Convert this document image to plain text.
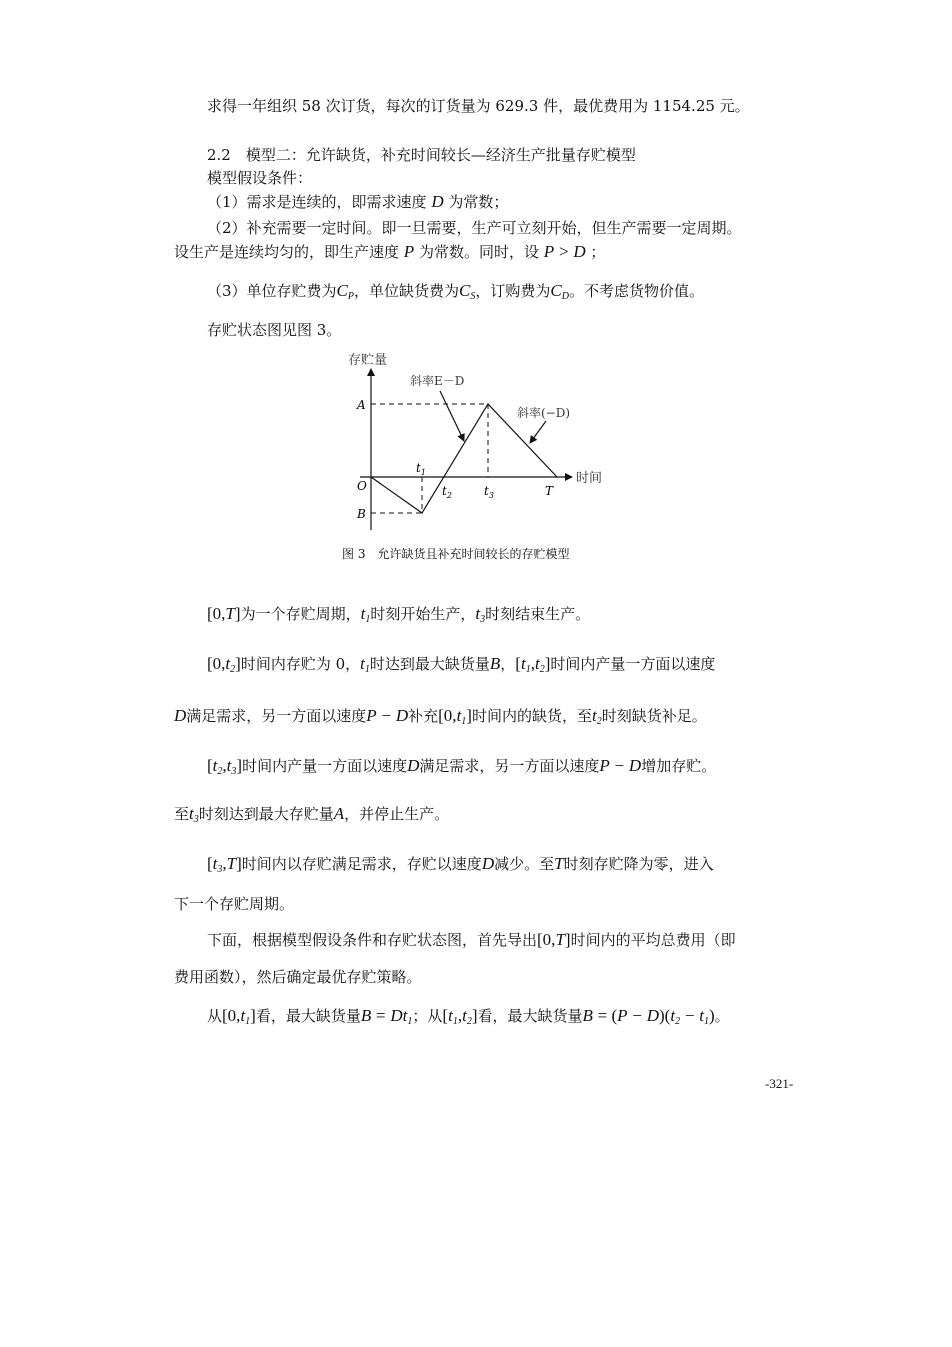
求得一年组织 58 次订货，每次的订货量为 629.3 件，最优费用为 1154.25 元。
2.2　模型二：允许缺货，补充时间较长—经济生产批量存贮模型
模型假设条件：
（1）需求是连续的，即需求速度 D 为常数；
（2）补充需要一定时间。即一旦需要，生产可立刻开始，但生产需要一定周期。
设生产是连续均匀的，即生产速度 P 为常数。同时，设 P > D ；
（3）单位存贮费为$C_P$，单位缺货费为$C_S$，订购费为$C_D$。不考虑货物价值。
存贮状态图见图 3。
存贮量
时间
斜率E－D
斜率(−D)
A
B
O
$t_1$
$t_2$	$t_3$	T
图 3　允许缺货且补充时间较长的存贮模型
[0,T]为一个存贮周期，$t_1$时刻开始生产，$t_3$时刻结束生产。
$[0,t_2]$时间内存贮为 0，$t_1$时达到最大缺货量B，$[t_1,t_2]$时间内产量一方面以速度
D满足需求，另一方面以速度P − D补充$[0,t_1]$时间内的缺货，至$t_2$时刻缺货补足。
$[t_2,t_3]$时间内产量一方面以速度D满足需求，另一方面以速度P − D增加存贮。
至$t_3$时刻达到最大存贮量A，并停止生产。
$[t_3,T]$时间内以存贮满足需求，存贮以速度D减少。至T时刻存贮降为零，进入
下一个存贮周期。
下面，根据模型假设条件和存贮状态图，首先导出[0,T]时间内的平均总费用（即
费用函数），然后确定最优存贮策略。
从$[0,t_1]$看，最大缺货量$B = Dt_1$；从$[t_1,t_2]$看，最大缺货量$B = (P - D)(t_2 - t_1)$。
-321-
